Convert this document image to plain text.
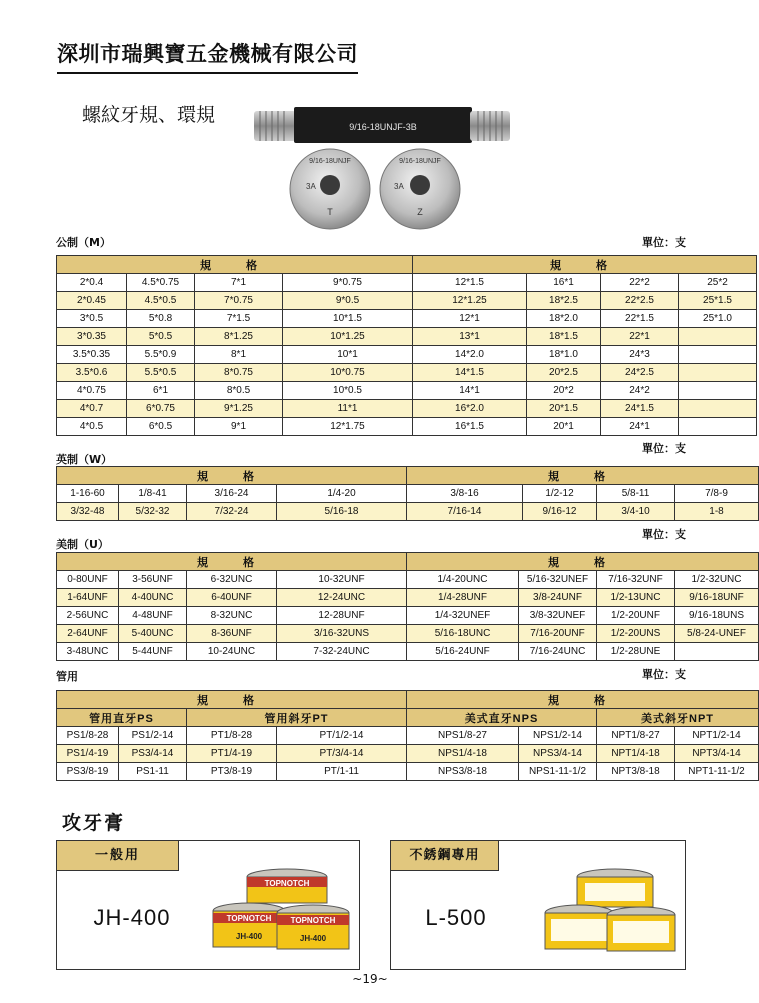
深圳市瑞興寶五金機械有限公司
螺紋牙規、環規
9/16-18UNJF-3B
9/16-18UNJF
3A
T
9/16-18UNJF
3A
Z
公制（M）	單位：支
規　格				規　格			
2*0.4	4.5*0.75	7*1	9*0.75	12*1.5	16*1	22*2	25*2
2*0.45	4.5*0.5	7*0.75	9*0.5	12*1.25	18*2.5	22*2.5	25*1.5
3*0.5	5*0.8	7*1.5	10*1.5	12*1	18*2.0	22*1.5	25*1.0
3*0.35	5*0.5	8*1.25	10*1.25	13*1	18*1.5	22*1	
3.5*0.35	5.5*0.9	8*1	10*1	14*2.0	18*1.0	24*3	
3.5*0.6	5.5*0.5	8*0.75	10*0.75	14*1.5	20*2.5	24*2.5	
4*0.75	6*1	8*0.5	10*0.5	14*1	20*2	24*2	
4*0.7	6*0.75	9*1.25	11*1	16*2.0	20*1.5	24*1.5	
4*0.5	6*0.5	9*1	12*1.75	16*1.5	20*1	24*1	
單位：支
英制（W）
規　格				規　格			
1-16-60	1/8-41	3/16-24	1/4-20	3/8-16	1/2-12	5/8-11	7/8-9
3/32-48	5/32-32	7/32-24	5/16-18	7/16-14	9/16-12	3/4-10	1-8
單位：支
美制（U）
規　格				規　格			
0-80UNF	3-56UNF	6-32UNC	10-32UNF	1/4-20UNC	5/16-32UNEF	7/16-32UNF	1/2-32UNC
1-64UNF	4-40UNC	6-40UNF	12-24UNC	1/4-28UNF	3/8-24UNF	1/2-13UNC	9/16-18UNF
2-56UNC	4-48UNF	8-32UNC	12-28UNF	1/4-32UNEF	3/8-32UNEF	1/2-20UNF	9/16-18UNS
2-64UNF	5-40UNC	8-36UNF	3/16-32UNS	5/16-18UNC	7/16-20UNF	1/2-20UNS	5/8-24-UNEF
3-48UNC	5-44UNF	10-24UNC	7-32-24UNC	5/16-24UNF	7/16-24UNC	1/2-28UNE	
管用	單位：支
規　格				規　格			
管用直牙PS		管用斜牙PT		美式直牙NPS		美式斜牙NPT	
PS1/8-28	PS1/2-14	PT1/8-28	PT/1/2-14	NPS1/8-27	NPS1/2-14	NPT1/8-27	NPT1/2-14
PS1/4-19	PS3/4-14	PT1/4-19	PT/3/4-14	NPS1/4-18	NPS3/4-14	NPT1/4-18	NPT3/4-14
PS3/8-19	PS1-11	PT3/8-19	PT/1-11	NPS3/8-18	NPS1-11-1/2	NPT3/8-18	NPT1-11-1/2
攻牙膏
一般用
JH-400
TOPNOTCH
TOPNOTCH
JH-400
TOPNOTCH
JH-400
不銹鋼專用
L-500
~19~
